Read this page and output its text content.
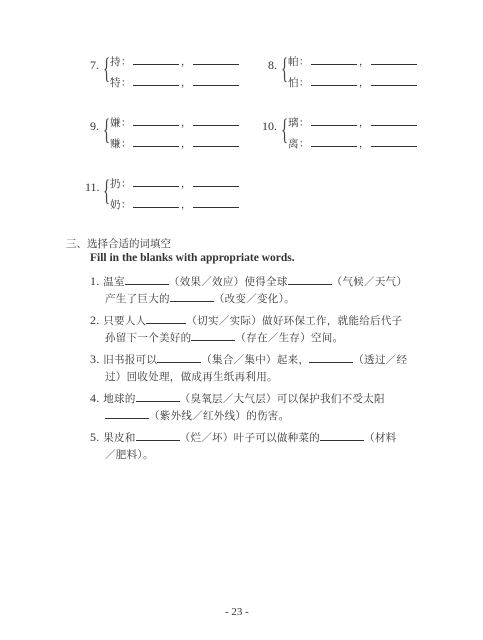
7. { 持：	，
特：	，
8. { 帕：	，
怕：	，
9. { 嫌：	，
赚：	，
10. { 璃：	，
离：	，
11. { 扔：	，
奶：	，
三、选择合适的词填空
Fill in the blanks with appropriate words.
1. 温室	（效果／效应）使得全球	（气候／天气）
产生了巨大的	（改变／变化）。
2. 只要人人	（切实／实际）做好环保工作，就能给后代子
孙留下一个美好的	（存在／生存）空间。
3. 旧书报可以	（集合／集中）起来，	（透过／经
过）回收处理，做成再生纸再利用。
4. 地球的	（臭氧层／大气层）可以保护我们不受太阳
（紫外线／红外线）的伤害。
5. 果皮和	（烂／坏）叶子可以做种菜的	（材料
／肥料）。
- 23 -
